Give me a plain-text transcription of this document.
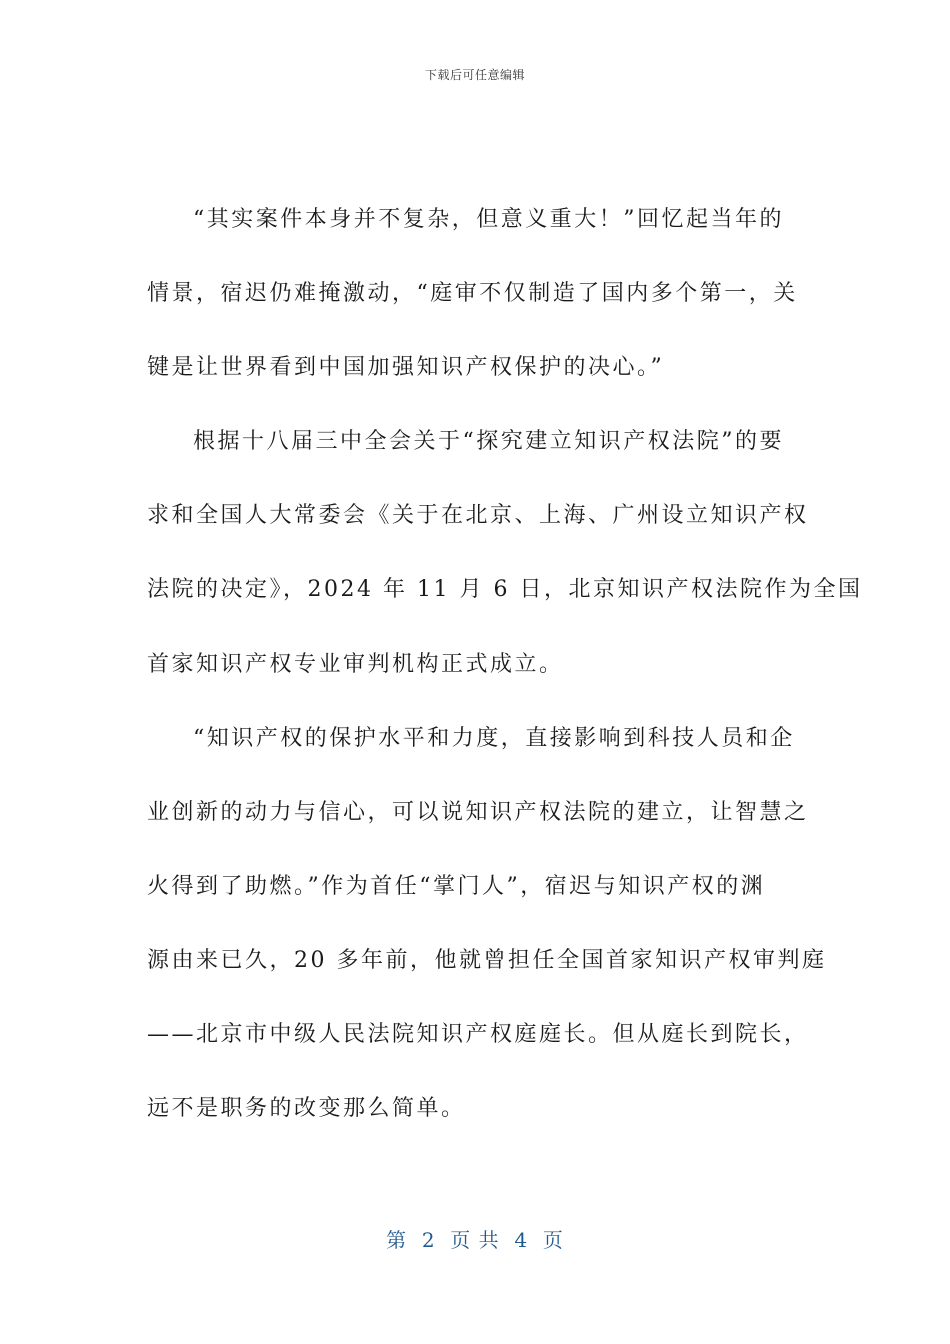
下载后可任意编辑
“其实案件本身并不复杂，但意义重大！”回忆起当年的
情景，宿迟仍难掩激动，“庭审不仅制造了国内多个第一，关
键是让世界看到中国加强知识产权保护的决心。”
根据十八届三中全会关于“探究建立知识产权法院”的要
求和全国人大常委会《关于在北京、上海、广州设立知识产权
法院的决定》，2024 年 11 月 6 日，北京知识产权法院作为全国
首家知识产权专业审判机构正式成立。
“知识产权的保护水平和力度，直接影响到科技人员和企
业创新的动力与信心，可以说知识产权法院的建立，让智慧之
火得到了助燃。”作为首任“掌门人”，宿迟与知识产权的渊
源由来已久，20 多年前，他就曾担任全国首家知识产权审判庭
——北京市中级人民法院知识产权庭庭长。但从庭长到院长，
远不是职务的改变那么简单。
第  2  页 共  4  页
